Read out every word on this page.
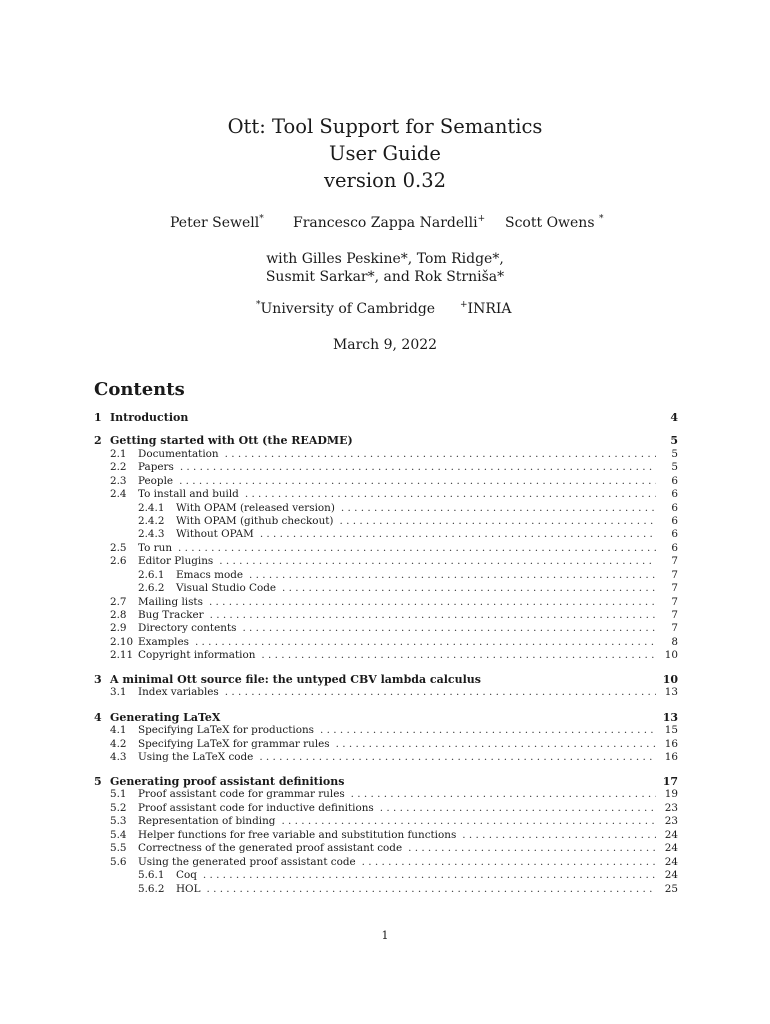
Ott: Tool Support for Semantics
User Guide
version 0.32
Peter Sewell* Francesco Zappa Nardelli+ Scott Owens *
with Gilles Peskine*, Tom Ridge*,
Susmit Sarkar*, and Rok Strniša*
*University of Cambridge	+INRIA
March 9, 2022
Contents
1 Introduction	4
2 Getting started with Ott (the README)	5
2.1	Documentation . . .	5
2.2	Papers . . .	5
2.3	People . . .	6
2.4	To install and build . . .	6
2.4.1	With OPAM (released version) . . .	6
2.4.2	With OPAM (github checkout) . . .	6
2.4.3	Without OPAM . . .	6
2.5	To run . . .	6
2.6	Editor Plugins . . .	7
2.6.1	Emacs mode . . .	7
2.6.2	Visual Studio Code . . .	7
2.7	Mailing lists . . .	7
2.8	Bug Tracker . . .	7
2.9	Directory contents . . .	7
2.10 Examples . . .	8
2.11 Copyright information . . .	10
3 A minimal Ott source file: the untyped CBV lambda calculus	10
3.1	Index variables . . .	13
4 Generating LaTeX	13
4.1	Specifying LaTeX for productions . . .	15
4.2	Specifying LaTeX for grammar rules . . .	16
4.3	Using the LaTeX code . . .	16
5 Generating proof assistant definitions	17
5.1	Proof assistant code for grammar rules . . .	19
5.2	Proof assistant code for inductive definitions . . .	23
5.3	Representation of binding . . .	23
5.4	Helper functions for free variable and substitution functions . . .	24
5.5	Correctness of the generated proof assistant code . . .	24
5.6	Using the generated proof assistant code . . .	24
5.6.1	Coq . . .	24
5.6.2	HOL . . .	25
1
